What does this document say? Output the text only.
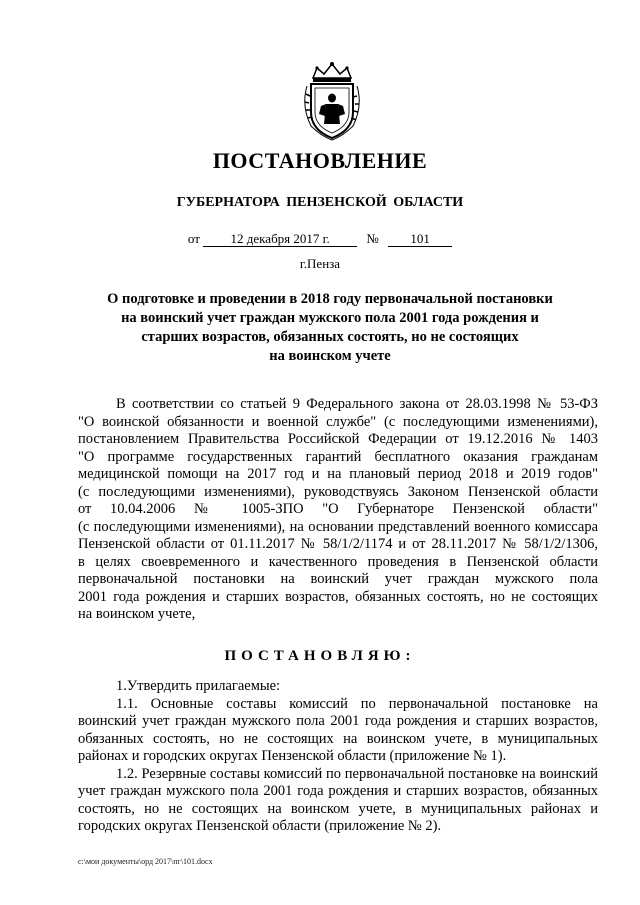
ПОСТАНОВЛЕНИЕ
ГУБЕРНАТОРА ПЕНЗЕНСКОЙ ОБЛАСТИ
от 12 декабря 2017 г.	№ 101
г.Пенза
О подготовке и проведении в 2018 году первоначальной постановки
на воинский учет граждан мужского пола 2001 года рождения и
старших возрастов, обязанных состоять, но не состоящих
на воинском учете
В соответствии со статьей 9 Федерального закона от 28.03.1998 № 53-ФЗ
"О воинской обязанности и военной службе" (с последующими изменениями),
постановлением Правительства Российской Федерации от 19.12.2016 № 1403
"О программе государственных гарантий бесплатного оказания гражданам
медицинской помощи на 2017 год и на плановый период 2018 и 2019 годов"
(с последующими изменениями), руководствуясь Законом Пензенской области
от 10.04.2006 № 1005-ЗПО "О Губернаторе Пензенской области"
(с последующими изменениями), на основании представлений военного комиссара
Пензенской области от 01.11.2017 № 58/1/2/1174 и от 28.11.2017 № 58/1/2/1306,
в целях своевременного и качественного проведения в Пензенской области
первоначальной постановки на воинский учет граждан мужского пола
2001 года рождения и старших возрастов, обязанных состоять, но не состоящих
на воинском учете,
ПОСТАНОВЛЯЮ:
1.Утвердить прилагаемые:
1.1. Основные составы комиссий по первоначальной постановке на
воинский учет граждан мужского пола 2001 года рождения и старших возрастов,
обязанных состоять, но не состоящих на воинском учете, в муниципальных
районах и городских округах Пензенской области (приложение № 1).
1.2. Резервные составы комиссий по первоначальной постановке на воинский
учет граждан мужского пола 2001 года рождения и старших возрастов, обязанных
состоять, но не состоящих на воинском учете, в муниципальных районах и
городских округах Пензенской области (приложение № 2).
c:\мои документы\орд 2017\пг\101.docx
